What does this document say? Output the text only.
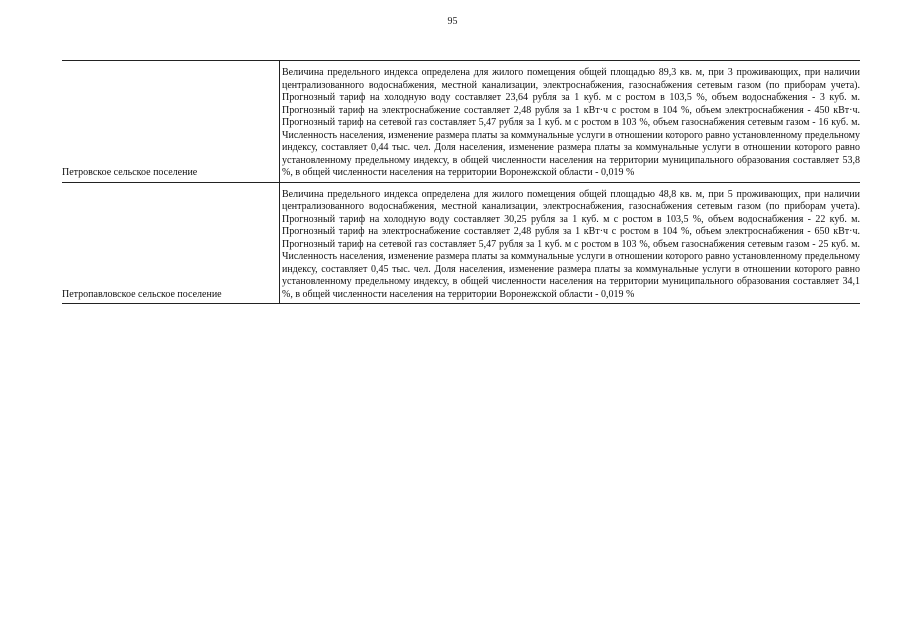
95
Петровское сельское поселение	Величина предельного индекса определена для жилого помещения общей площадью 89,3 кв. м, при 3 проживающих, при наличии централизованного водоснабжения, местной канализации, электроснабжения, газоснабжения сетевым газом (по приборам учета). Прогнозный тариф на холодную воду составляет 23,64 рубля за 1 куб. м с ростом в 103,5 %, объем водоснабжения - 3 куб. м. Прогнозный тариф на электроснабжение составляет 2,48 рубля за 1 кВт·ч с ростом в 104 %, объем электроснабжения - 450 кВт·ч. Прогнозный тариф на сетевой газ составляет 5,47 рубля за 1 куб. м с ростом в 103 %, объем газоснабжения сетевым газом - 16 куб. м. Численность населения, изменение размера платы за коммунальные услуги в отношении которого равно установленному предельному индексу, составляет 0,44 тыс. чел. Доля населения, изменение размера платы за коммунальные услуги в отношении которого равно установленному предельному индексу, в общей численности населения на территории муниципального образования составляет 53,8 %, в общей численности населения на территории Воронежской области - 0,019 %

Петропавловское сельское поселение	Величина предельного индекса определена для жилого помещения общей площадью 48,8 кв. м, при 5 проживающих, при наличии централизованного водоснабжения, местной канализации, электроснабжения, газоснабжения сетевым газом (по приборам учета). Прогнозный тариф на холодную воду составляет 30,25 рубля за 1 куб. м с ростом в 103,5 %, объем водоснабжения - 22 куб. м. Прогнозный тариф на электроснабжение составляет 2,48 рубля за 1 кВт·ч с ростом в 104 %, объем электроснабжения - 650 кВт·ч. Прогнозный тариф на сетевой газ составляет 5,47 рубля за 1 куб. м с ростом в 103 %, объем газоснабжения сетевым газом - 25 куб. м. Численность населения, изменение размера платы за коммунальные услуги в отношении которого равно установленному предельному индексу, составляет 0,45 тыс. чел. Доля населения, изменение размера платы за коммунальные услуги в отношении которого равно установленному предельному индексу, в общей численности населения на территории муниципального образования составляет 34,1 %, в общей численности населения на территории Воронежской области - 0,019 %
